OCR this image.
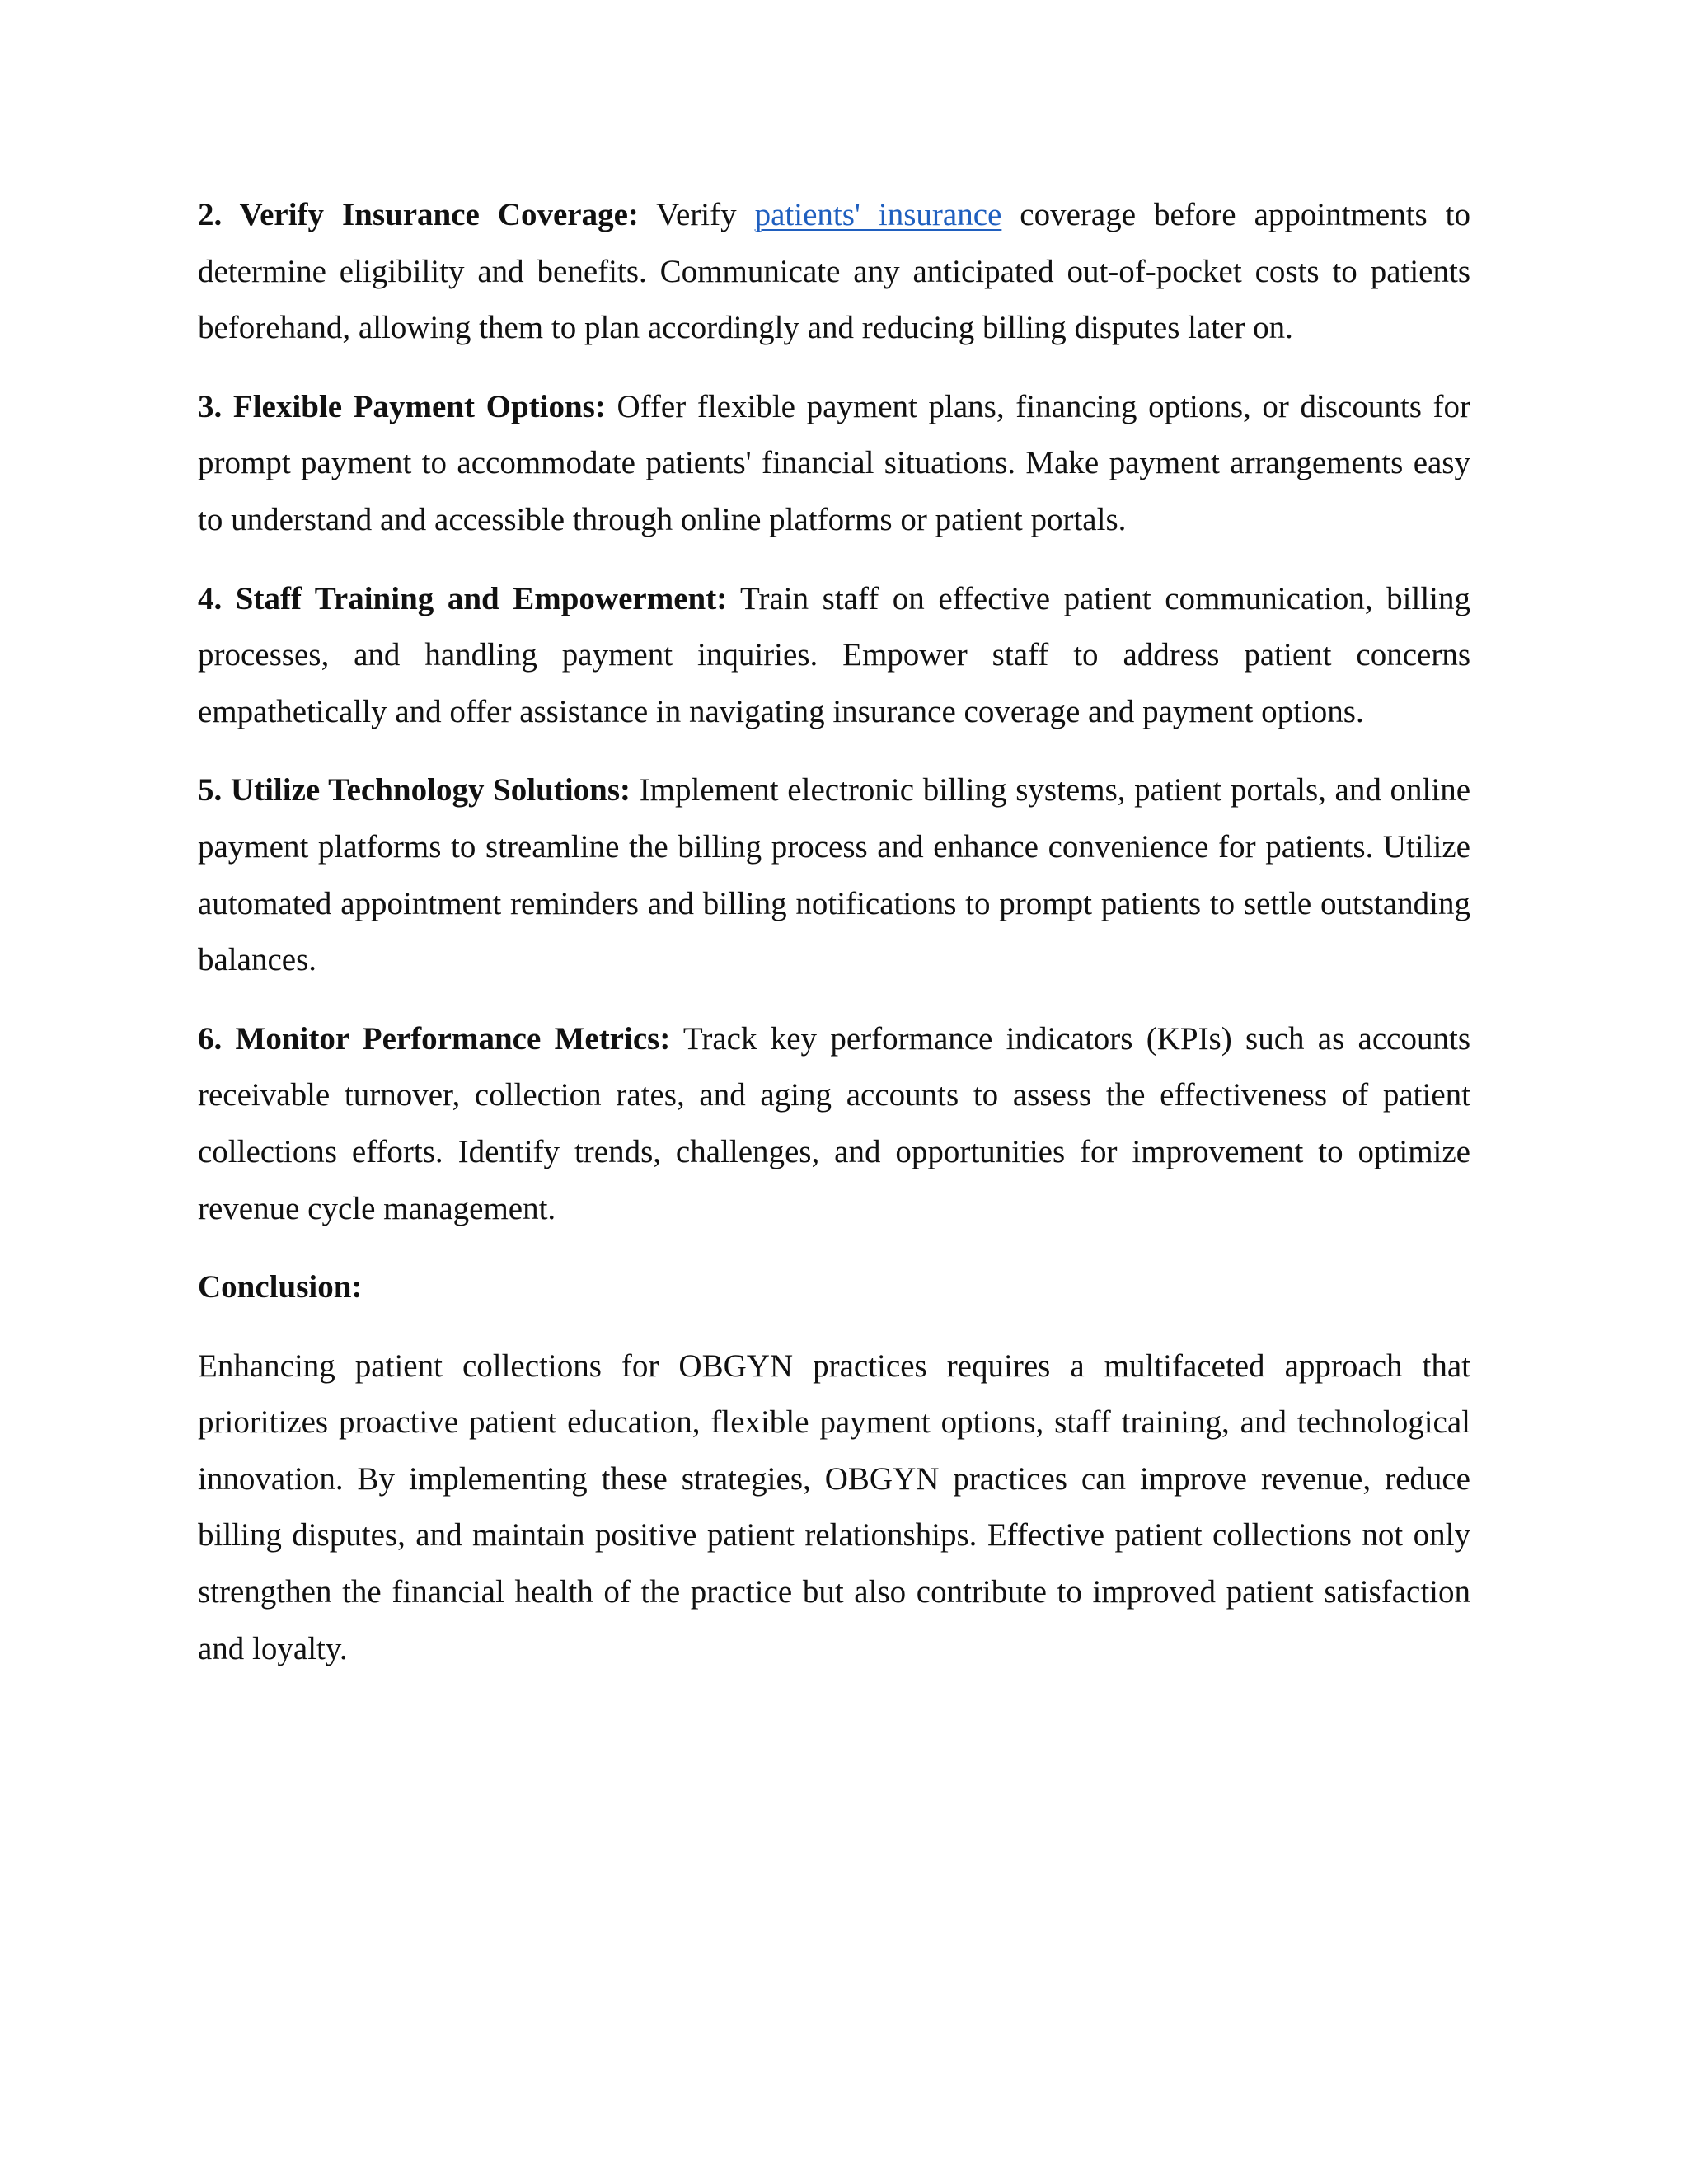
2. Verify Insurance Coverage: Verify patients' insurance coverage before appointments to determine eligibility and benefits. Communicate any anticipated out-of-pocket costs to patients beforehand, allowing them to plan accordingly and reducing billing disputes later on.

3. Flexible Payment Options: Offer flexible payment plans, financing options, or discounts for prompt payment to accommodate patients' financial situations. Make payment arrangements easy to understand and accessible through online platforms or patient portals.

4. Staff Training and Empowerment: Train staff on effective patient communication, billing processes, and handling payment inquiries. Empower staff to address patient concerns empathetically and offer assistance in navigating insurance coverage and payment options.

5. Utilize Technology Solutions: Implement electronic billing systems, patient portals, and online payment platforms to streamline the billing process and enhance convenience for patients. Utilize automated appointment reminders and billing notifications to prompt patients to settle outstanding balances.

6. Monitor Performance Metrics: Track key performance indicators (KPIs) such as accounts receivable turnover, collection rates, and aging accounts to assess the effectiveness of patient collections efforts. Identify trends, challenges, and opportunities for improvement to optimize revenue cycle management.

Conclusion:

Enhancing patient collections for OBGYN practices requires a multifaceted approach that prioritizes proactive patient education, flexible payment options, staff training, and technological innovation. By implementing these strategies, OBGYN practices can improve revenue, reduce billing disputes, and maintain positive patient relationships. Effective patient collections not only strengthen the financial health of the practice but also contribute to improved patient satisfaction and loyalty.
